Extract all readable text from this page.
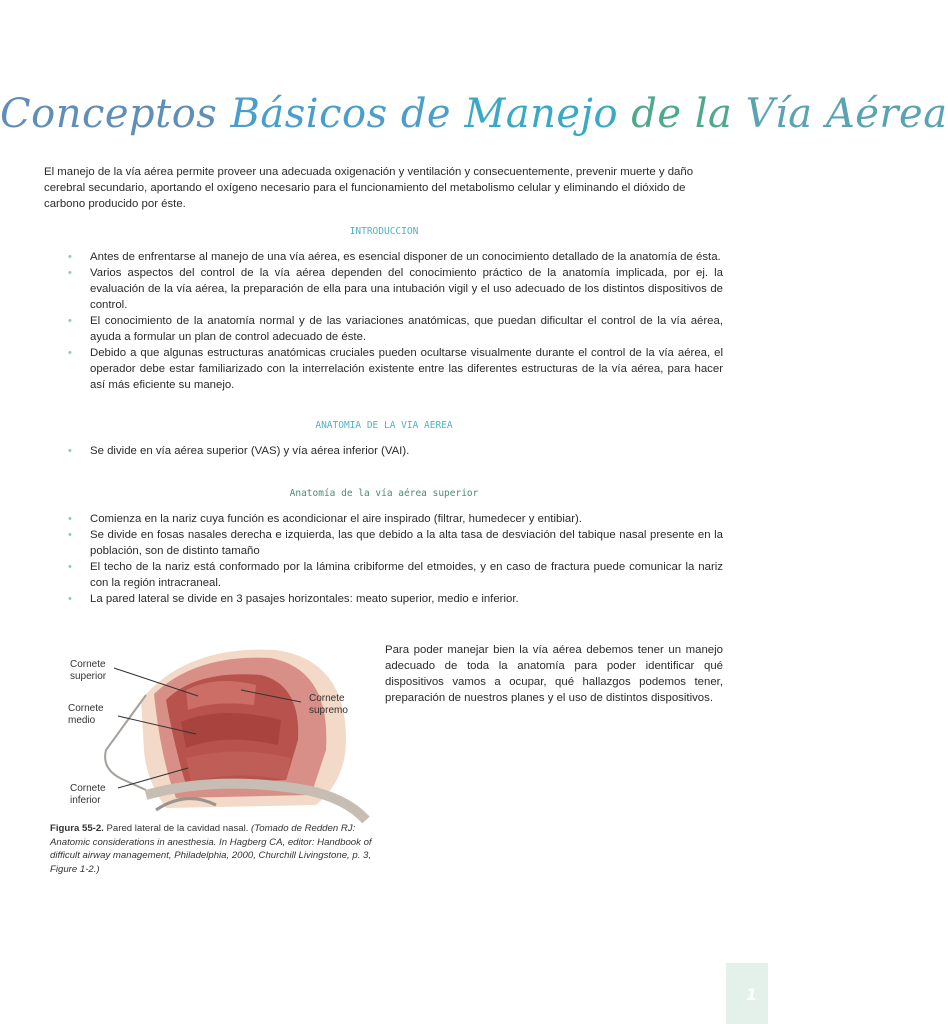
Conceptos Básicos de Manejo de la Vía Aérea

El manejo de la vía aérea permite proveer una adecuada oxigenación y ventilación y consecuentemente, prevenir muerte y daño cerebral secundario, aportando el oxígeno necesario para el funcionamiento del metabolismo celular y eliminando el dióxido de carbono producido por éste.

INTRODUCCION

• Antes de enfrentarse al manejo de una vía aérea, es esencial disponer de un conocimiento detallado de la anatomía de ésta.
• Varios aspectos del control de la vía aérea dependen del conocimiento práctico de la anatomía implicada, por ej. la evaluación de la vía aérea, la preparación de ella para una intubación vigil y el uso adecuado de los distintos dispositivos de control.
• El conocimiento de la anatomía normal y de las variaciones anatómicas, que puedan dificultar el control de la vía aérea, ayuda a formular un plan de control adecuado de éste.
• Debido a que algunas estructuras anatómicas cruciales pueden ocultarse visualmente durante el control de la vía aérea, el operador debe estar familiarizado con la interrelación existente entre las diferentes estructuras de la vía aérea, para hacer así más eficiente su manejo.

ANATOMIA DE LA VIA AEREA

• Se divide en vía aérea superior (VAS) y vía aérea inferior (VAI).

Anatomía de la vía aérea superior

• Comienza en la nariz cuya función es acondicionar el aire inspirado (filtrar, humedecer y entibiar).
• Se divide en fosas nasales derecha e izquierda, las que debido a la alta tasa de desviación del tabique nasal presente en la población, son de distinto tamaño
• El techo de la nariz está conformado por la lámina cribiforme del etmoides, y en caso de fractura puede comunicar la nariz con la región intracraneal.
• La pared lateral se divide en 3 pasajes horizontales: meato superior, medio e inferior.
Cornete superior
Cornete medio
Cornete inferior
Cornete supremo

Figura 55-2. Pared lateral de la cavidad nasal. (Tomado de Redden RJ: Anatomic considerations in anesthesia. In Hagberg CA, editor: Handbook of difficult airway management, Philadelphia, 2000, Churchill Livingstone, p. 3, Figure 1-2.)

Para poder manejar bien la vía aérea debemos tener un manejo adecuado de toda la anatomía para poder identificar qué dispositivos vamos a ocupar, qué hallazgos podemos tener, preparación de nuestros planes y el uso de distintos dispositivos.

1
